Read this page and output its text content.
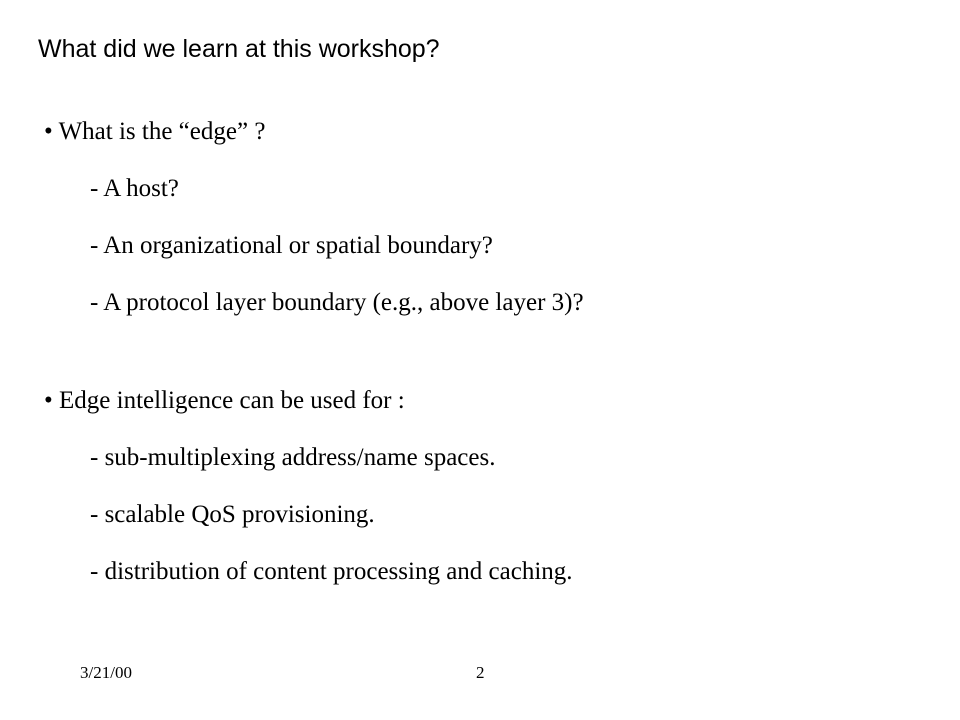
What did we learn at this workshop?
• What is the “edge” ?
- A host?
- An organizational or spatial boundary?
- A protocol layer boundary (e.g., above layer 3)?
• Edge intelligence can be used for :
- sub-multiplexing address/name spaces.
- scalable QoS provisioning.
- distribution of content processing and caching.
3/21/00	2
